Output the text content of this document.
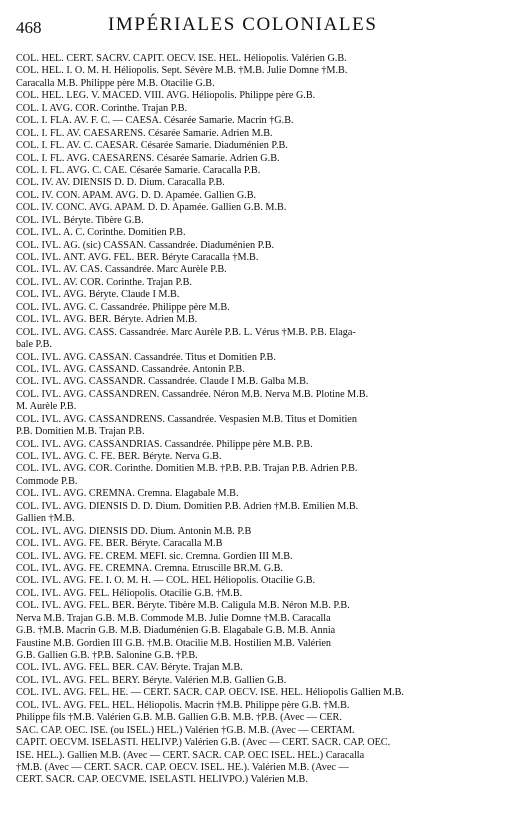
468	IMPÉRIALES COLONIALES
COL. HEL. CERT. SACRV. CAPIT. OECV. ISE. HEL. Héliopolis. Valérien G.B.
COL. HEL. I. O. M. H. Héliopolis. Sept. Sévère M.B. †M.B. Julie Domne †M.B.
Caracalla M.B. Philippe père M.B. Otacilie G.B.
COL. HEL. LEG. V. MACED. VIII. AVG. Héliopolis. Philippe père G.B.
COL. I. AVG. COR. Corinthe. Trajan P.B.
COL. I. FLA. AV. F. C. — CAESA. Césarée Samarie. Macrin †G.B.
COL. I. FL. AV. CAESARENS. Césarée Samarie. Adrien M.B.
COL. I. FL. AV. C. CAESAR. Césarée Samarie. Diaduménien P.B.
COL. I. FL. AVG. CAESARENS. Césarée Samarie. Adrien G.B.
COL. I. FL. AVG. C. CAE. Césarée Samarie. Caracalla P.B.
COL. IV. AV. DIENSIS D. D. Dium. Caracalla P.B.
COL. IV. CON. APAM. AVG. D. D. Apamée. Gallien G.B.
COL. IV. CONC. AVG. APAM. D. D. Apamée. Gallien G.B. M.B.
COL. IVL. Béryte. Tibère G.B.
COL. IVL. A. C. Corinthe. Domitien P.B.
COL. IVL. AG. (sic) CASSAN. Cassandrée. Diaduménien P.B.
COL. IVL. ANT. AVG. FEL. BER. Béryte Caracalla †M.B.
COL. IVL. AV. CAS. Cassandrée. Marc Aurèle P.B.
COL. IVL. AV. COR. Corinthe. Trajan P.B.
COL. IVL. AVG. Béryte. Claude I M.B.
COL. IVL. AVG. C. Cassandrée. Philippe père M.B.
COL. IVL. AVG. BER. Béryte. Adrien M.B.
COL. IVL. AVG. CASS. Cassandrée. Marc Aurèle P.B. L. Vérus †M.B. P.B. Elaga-
bale P.B.
COL. IVL. AVG. CASSAN. Cassandrée. Titus et Domitien P.B.
COL. IVL. AVG. CASSAND. Cassandrée. Antonin P.B.
COL. IVL. AVG. CASSANDR. Cassandrée. Claude I M.B. Galba M.B.
COL. IVL. AVG. CASSANDREN. Cassandrée. Néron M.B. Nerva M.B. Plotine M.B.
M. Aurèle P.B.
COL. IVL. AVG. CASSANDRENS. Cassandrée. Vespasien M.B. Titus et Domitien
P.B. Domitien M.B. Trajan P.B.
COL. IVL. AVG. CASSANDRIAS. Cassandrée. Philippe père M.B. P.B.
COL. IVL. AVG. C. FE. BER. Béryte. Nerva G.B.
COL. IVL. AVG. COR. Corinthe. Domitien M.B. †P.B. P.B. Trajan P.B. Adrien P.B.
Commode P.B.
COL. IVL. AVG. CREMNA. Cremna. Elagabale M.B.
COL. IVL. AVG. DIENSIS D. D. Dium. Domitien P.B. Adrien †M.B. Emilien M.B.
Gallien †M.B.
COL. IVL. AVG. DIENSIS DD. Dium. Antonin M.B. P.B
COL. IVL. AVG. FE. BER. Béryte. Caracalla M.B
COL. IVL. AVG. FE. CREM. MEFI. sic. Cremna. Gordien III M.B.
COL. IVL. AVG. FE. CREMNA. Cremna. Etruscille BR.M. G.B.
COL. IVL. AVG. FE. I. O. M. H. — COL. HEL Héliopolis. Otacilie G.B.
COL. IVL. AVG. FEL. Héliopolis. Otacilie G.B. †M.B.
COL. IVL. AVG. FEL. BER. Béryte. Tibère M.B. Caligula M.B. Néron M.B. P.B.
Nerva M.B. Trajan G.B. M.B. Commode M.B. Julie Domne †M.B. Caracalla
G.B. †M.B. Macrin G.B. M.B. Diaduménien G.B. Elagabale G.B. M.B. Annia
Faustine M.B. Gordien III G.B. †M.B. Otacilie M.B. Hostilien M.B. Valérien
G.B. Gallien G.B. †P.B. Salonine G.B. †P.B.
COL. IVL. AVG. FEL. BER. CAV. Béryte. Trajan M.B.
COL. IVL. AVG. FEL. BERY. Béryte. Valérien M.B. Gallien G.B.
COL. IVL. AVG. FEL. HE. — CERT. SACR. CAP. OECV. ISE. HEL. Héliopolis Gallien M.B.
COL. IVL. AVG. FEL. HEL. Héliopolis. Macrin †M.B. Philippe père G.B. †M.B.
Philippe fils †M.B. Valérien G.B. M.B. Gallien G.B. M.B. †P.B. (Avec — CER.
SAC. CAP. OEC. ISE. (ou ISEL.) HEL.) Valérien †G.B. M.B. (Avec — CERTAM.
CAPIT. OECVM. ISELASTI. HELIVP.) Valérien G.B. (Avec — CERT. SACR. CAP. OEC.
ISE. HEL.). Gallien M.B. (Avec — CERT. SACR. CAP. OEC ISEL. HEL.) Caracalla
†M.B. (Avec — CERT. SACR. CAP. OECV. ISEL. HE.). Valérien M.B. (Avec —
CERT. SACR. CAP. OECVME. ISELASTI. HELIVPO.) Valérien M.B.
